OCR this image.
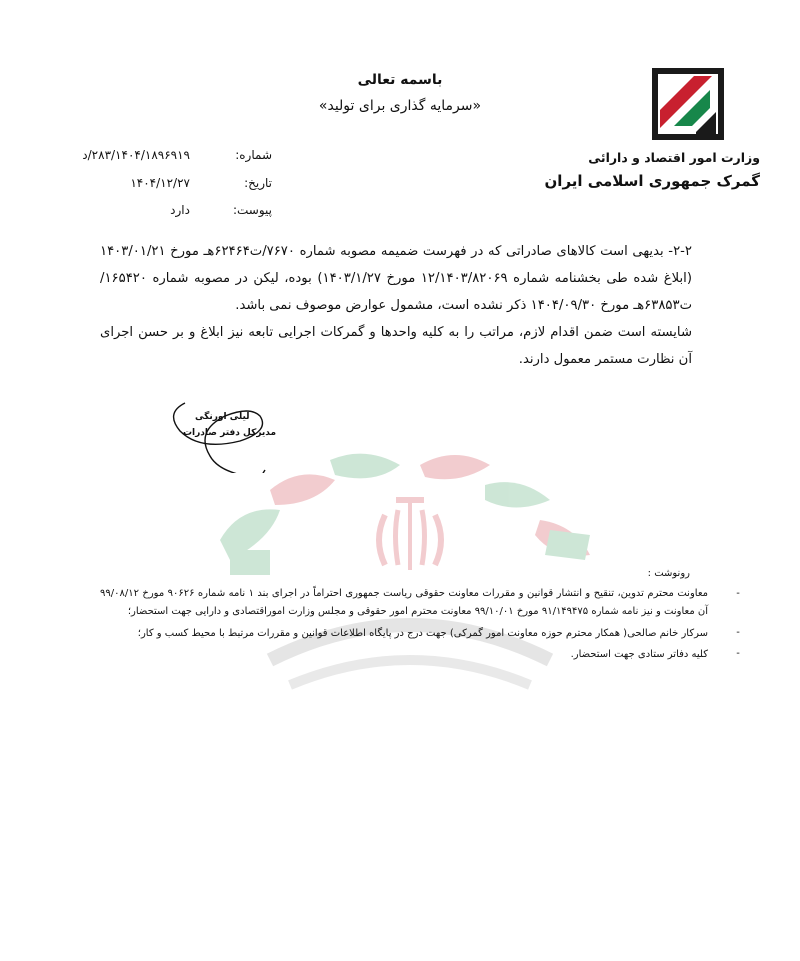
باسمه تعالی
«سرمایه گذاری برای تولید»
وزارت امور اقتصاد و دارائی
گمرک جمهوری اسلامی ایران
شماره:
۲۸۳/۱۴۰۴/۱۸۹۶۹۱۹/د
تاریخ:
۱۴۰۴/۱۲/۲۷
پیوست:
دارد
۲-۲- بدیهی است کالاهای صادراتی که در فهرست ضمیمه مصوبه شماره ۷۶۷۰/ت۶۲۴۶۴هـ مورخ ۱۴۰۳/۰۱/۲۱ (ابلاغ شده طی بخشنامه شماره ۱۲/۱۴۰۳/۸۲۰۶۹ مورخ ۱۴۰۳/۱/۲۷) بوده، لیکن در مصوبه شماره ۱۶۵۴۲۰/ت۶۳۸۵۳هـ مورخ ۱۴۰۴/۰۹/۳۰ ذکر نشده است، مشمول عوارض موصوف نمی باشد.
شایسته است ضمن اقدام لازم، مراتب را به کلیه واحدها و گمرکات اجرایی تابعه نیز ابلاغ و بر حسن اجرای آن نظارت مستمر معمول دارند.
لیلی اورنگی
مدیرکل دفتر صادرات
رونوشت :
-
معاونت محترم تدوین، تنقیح و انتشار قوانین و مقررات معاونت حقوقی ریاست جمهوری احتراماً در اجرای بند ۱ نامه شماره ۹۰۶۲۶ مورخ ۹۹/۰۸/۱۲ آن معاونت و نیز نامه شماره ۹۱/۱۴۹۴۷۵ مورخ ۹۹/۱۰/۰۱ معاونت محترم امور حقوقی و مجلس وزارت اموراقتصادی و دارایی جهت استحضار؛
-
سرکار خانم صالحی( همکار محترم حوزه معاونت امور گمرکی) جهت درج در پایگاه اطلاعات قوانین و مقررات مرتبط با محیط کسب و کار؛
-
کلیه دفاتر ستادی جهت استحضار.
